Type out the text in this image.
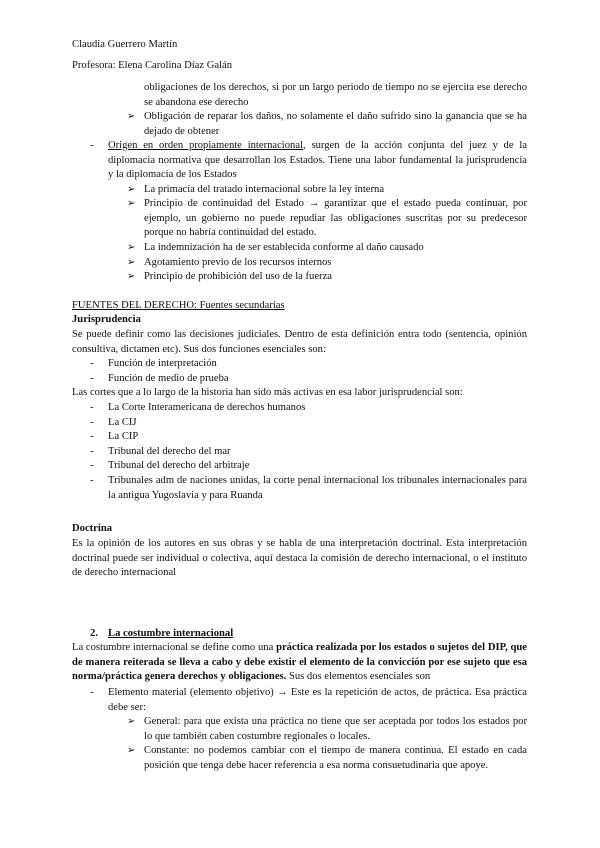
Claudia Guerrero Martín
Profesora: Elena Carolina Díaz Galán
obligaciones de los derechos, si por un largo periodo de tiempo no se ejercita ese derecho se abandona ese derecho
➢ Obligación de reparar los daños, no solamente el daño sufrido sino la ganancia que se ha dejado de obtener
- Origen en orden propiamente internacional, surgen de la acción conjunta del juez y de la diplomacia normativa que desarrollan los Estados. Tiene una labor fundamental la jurisprudencia y la diplomacia de los Estados
➢ La primacía del tratado internacional sobre la ley interna
➢ Principio de continuidad del Estado → garantizar que el estado pueda continuar, por ejemplo, un gobierno no puede repudiar las obligaciones suscritas por su predecesor porque no habría continuidad del estado.
➢ La indemnización ha de ser establecida conforme al daño causado
➢ Agotamiento previo de los recursos internos
➢ Principio de prohibición del uso de la fuerza
FUENTES DEL DERECHO: Fuentes secundarias
Jurisprudencia
Se puede definir como las decisiones judiciales. Dentro de esta definición entra todo (sentencia, opinión consultiva, dictamen etc). Sus dos funciones esenciales son:
- Función de interpretación
- Función de medio de prueba
Las cortes que a lo largo de la historia han sido más activas en esa labor jurisprudencial son:
- La Corte Interamericana de derechos humanos
- La CIJ
- La CIP
- Tribunal del derecho del mar
- Tribunal del derecho del arbitraje
- Tribunales adm de naciones unidas, la corte penal internacional los tribunales internacionales para la antigua Yugoslavia y para Ruanda
Doctrina
Es la opinión de los autores en sus obras y se habla de una interpretación doctrinal. Esta interpretación doctrinal puede ser individual o colectiva, aquí destaca la comisión de derecho internacional, o el instituto de derecho internacional
2. La costumbre internacional
La costumbre internacional se define como una práctica realizada por los estados o sujetos del DIP, que de manera reiterada se lleva a cabo y debe existir el elemento de la convicción por ese sujeto que esa norma/práctica genera derechos y obligaciones. Sus dos elementos esenciales son
- Elemento material (elemento objetivo) → Este es la repetición de actos, de práctica. Esa práctica debe ser:
➢ General: para que exista una práctica no tiene que ser aceptada por todos los estados por lo que también caben costumbre regionales o locales.
➢ Constante: no podemos cambiar con el tiempo de manera continua. El estado en cada posición que tenga debe hacer referencia a esa norma consuetudinaria que apoye.
